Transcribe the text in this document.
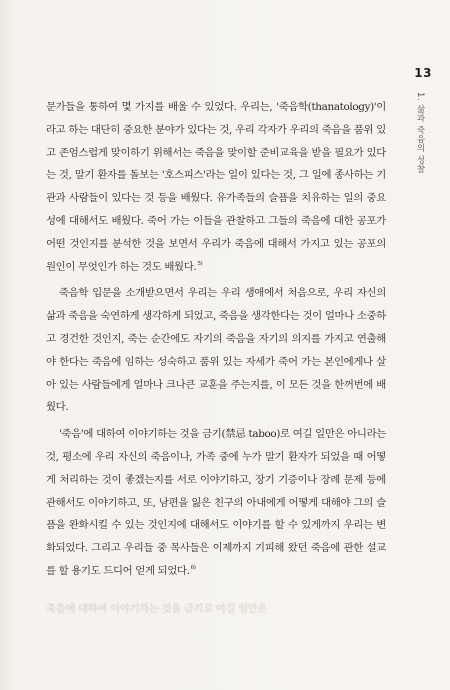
13
1. 삶과 죽음의 성찰

문가들을 통하여 몇 가지를 배울 수 있었다. 우리는, '죽음학(thanatology)'이라고 하는 대단히 중요한 분야가 있다는 것, 우리 각자가 우리의 죽음을 품위 있고 존엄스럽게 맞이하기 위해서는 죽음을 맞이할 준비교육을 받을 필요가 있다는 것, 말기 환자를 돌보는 '호스피스'라는 일이 있다는 것, 그 일에 종사하는 기관과 사람들이 있다는 것 등을 배웠다. 유가족들의 슬픔을 치유하는 일의 중요성에 대해서도 배웠다. 죽어 가는 이들을 관찰하고 그들의 죽음에 대한 공포가 어떤 것인지를 분석한 것을 보면서 우리가 죽음에 대해서 가지고 있는 공포의 원인이 무엇인가 하는 것도 배웠다.$^{5)}$

죽음학 입문을 소개받으면서 우리는 우리 생애에서 처음으로, 우리 자신의 삶과 죽음을 숙연하게 생각하게 되었고, 죽음을 생각한다는 것이 얼마나 소중하고 경건한 것인지, 죽는 순간에도 자기의 죽음을 자기의 의지를 가지고 연출해야 한다는 죽음에 임하는 성숙하고 품위 있는 자세가 죽어 가는 본인에게나 살아 있는 사람들에게 얼마나 크나큰 교훈을 주는지를, 이 모든 것을 한꺼번에 배웠다.

'죽음'에 대하여 이야기하는 것을 금기(禁忌 taboo)로 여길 일만은 아니라는 것, 평소에 우리 자신의 죽음이나, 가족 중에 누가 말기 환자가 되었을 때 어떻게 처리하는 것이 좋겠는지를 서로 이야기하고, 장기 기증이나 장례 문제 등에 관해서도 이야기하고, 또, 남편을 잃은 친구의 아내에게 어떻게 대해야 그의 슬픔을 완화시킬 수 있는 것인지에 대해서도 이야기를 할 수 있게까지 우리는 변화되었다. 그리고 우리들 중 목사들은 이제까지 기피해 왔던 죽음에 관한 설교를 할 용기도 드디어 얻게 되었다.$^{6)}$

죽음에 대하여 이야기하는 것을 금기로 여길 일만은
